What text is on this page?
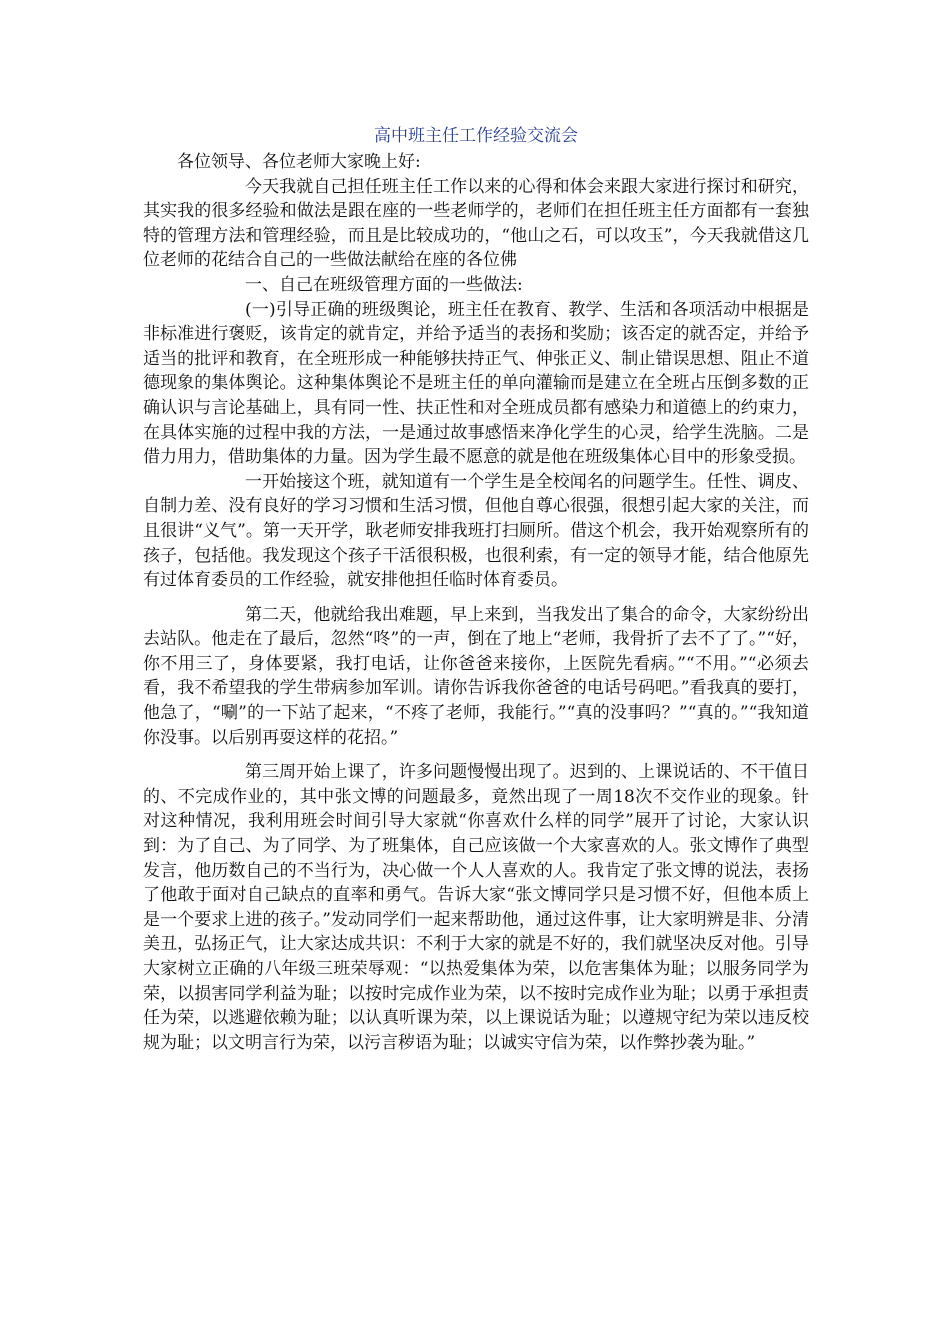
高中班主任工作经验交流会

各位领导、各位老师大家晚上好:

今天我就自己担任班主任工作以来的心得和体会来跟大家进行探讨和研究，其实我的很多经验和做法是跟在座的一些老师学的，老师们在担任班主任方面都有一套独特的管理方法和管理经验，而且是比较成功的，“他山之石，可以攻玉”，今天我就借这几位老师的花结合自己的一些做法献给在座的各位佛

一、自己在班级管理方面的一些做法:

(一)引导正确的班级舆论，班主任在教育、教学、生活和各项活动中根据是非标准进行褒贬，该肯定的就肯定，并给予适当的表扬和奖励；该否定的就否定，并给予适当的批评和教育，在全班形成一种能够扶持正气、伸张正义、制止错误思想、阻止不道德现象的集体舆论。这种集体舆论不是班主任的单向灌输而是建立在全班占压倒多数的正确认识与言论基础上，具有同一性、扶正性和对全班成员都有感染力和道德上的约束力，在具体实施的过程中我的方法，一是通过故事感悟来净化学生的心灵，给学生洗脑。二是借力用力，借助集体的力量。因为学生最不愿意的就是他在班级集体心目中的形象受损。

一开始接这个班，就知道有一个学生是全校闻名的问题学生。任性、调皮、自制力差、没有良好的学习习惯和生活习惯，但他自尊心很强，很想引起大家的关注，而且很讲“义气”。第一天开学，耿老师安排我班打扫厕所。借这个机会，我开始观察所有的孩子，包括他。我发现这个孩子干活很积极，也很利索，有一定的领导才能，结合他原先有过体育委员的工作经验，就安排他担任临时体育委员。

第二天，他就给我出难题，早上来到，当我发出了集合的命令，大家纷纷出去站队。他走在了最后，忽然“咚”的一声，倒在了地上“老师，我骨折了去不了了。”“好，你不用三了，身体要紧，我打电话，让你爸爸来接你，上医院先看病。”“不用。”“必须去看，我不希望我的学生带病参加军训。请你告诉我你爸爸的电话号码吧。”看我真的要打，他急了，“唰”的一下站了起来，“不疼了老师，我能行。”“真的没事吗？”“真的。”“我知道你没事。以后别再耍这样的花招。”

第三周开始上课了，许多问题慢慢出现了。迟到的、上课说话的、不干值日的、不完成作业的，其中张文博的问题最多，竟然出现了一周18次不交作业的现象。针对这种情况，我利用班会时间引导大家就“你喜欢什么样的同学”展开了讨论，大家认识到：为了自己、为了同学、为了班集体，自己应该做一个大家喜欢的人。张文博作了典型发言，他历数自己的不当行为，决心做一个人人喜欢的人。我肯定了张文博的说法，表扬了他敢于面对自己缺点的直率和勇气。告诉大家“张文博同学只是习惯不好，但他本质上是一个要求上进的孩子。”发动同学们一起来帮助他，通过这件事，让大家明辨是非、分清美丑，弘扬正气，让大家达成共识：不利于大家的就是不好的，我们就坚决反对他。引导大家树立正确的八年级三班荣辱观：“以热爱集体为荣，以危害集体为耻；以服务同学为荣，以损害同学利益为耻；以按时完成作业为荣，以不按时完成作业为耻；以勇于承担责任为荣，以逃避依赖为耻；以认真听课为荣，以上课说话为耻；以遵规守纪为荣以违反校规为耻；以文明言行为荣，以污言秽语为耻；以诚实守信为荣，以作弊抄袭为耻。”
